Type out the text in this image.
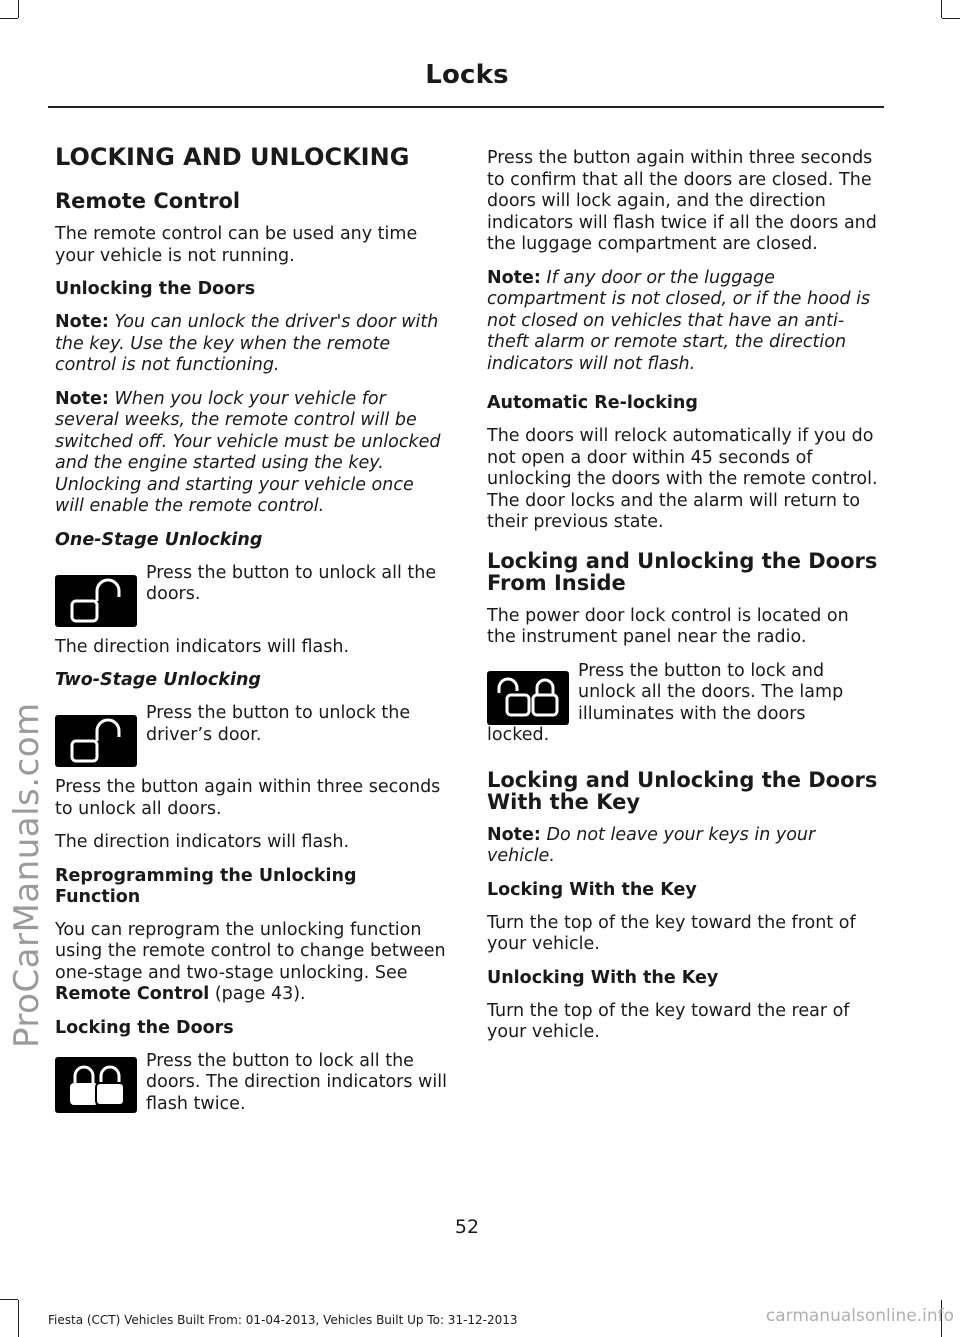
Locks
LOCKING AND UNLOCKING
Remote Control

The remote control can be used any time your vehicle is not running.

Unlocking the Doors

Note: You can unlock the driver's door with the key. Use the key when the remote control is not functioning.

Note: When you lock your vehicle for several weeks, the remote control will be switched off. Your vehicle must be unlocked and the engine started using the key. Unlocking and starting your vehicle once will enable the remote control.

One-Stage Unlocking

Press the button to unlock all the doors.

The direction indicators will flash.

Two-Stage Unlocking

Press the button to unlock the driver’s door.

Press the button again within three seconds to unlock all doors.

The direction indicators will flash.

Reprogramming the Unlocking Function

You can reprogram the unlocking function using the remote control to change between one-stage and two-stage unlocking. See Remote Control (page 43).

Locking the Doors

Press the button to lock all the doors. The direction indicators will flash twice.

Press the button again within three seconds to confirm that all the doors are closed. The doors will lock again, and the direction indicators will flash twice if all the doors and the luggage compartment are closed.

Note: If any door or the luggage compartment is not closed, or if the hood is not closed on vehicles that have an anti-theft alarm or remote start, the direction indicators will not flash.

Automatic Re-locking

The doors will relock automatically if you do not open a door within 45 seconds of unlocking the doors with the remote control. The door locks and the alarm will return to their previous state.

Locking and Unlocking the Doors From Inside

The power door lock control is located on the instrument panel near the radio.

Press the button to lock and unlock all the doors. The lamp illuminates with the doors

locked.

Locking and Unlocking the Doors With the Key

Note: Do not leave your keys in your vehicle.

Locking With the Key

Turn the top of the key toward the front of your vehicle.

Unlocking With the Key

Turn the top of the key toward the rear of your vehicle.

ProCarManuals.com
52
Fiesta (CCT) Vehicles Built From: 01-04-2013, Vehicles Built Up To: 31-12-2013	carmanualsonline.info
